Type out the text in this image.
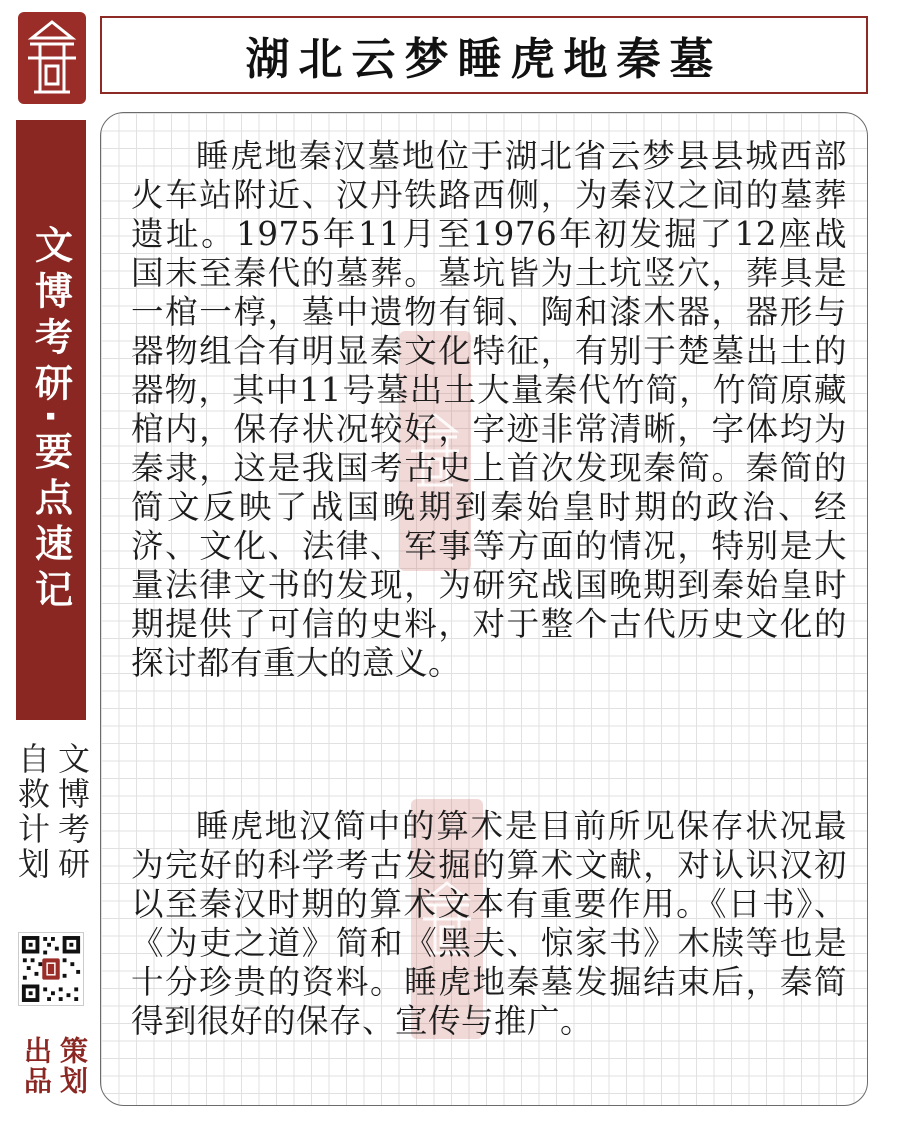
湖北云梦睡虎地秦墓
文博考研·要点速记
文博考研
自救计划
策划
出品

睡虎地秦汉墓地位于湖北省云梦县县城西部火车站附近、汉丹铁路西侧，为秦汉之间的墓葬遗址。1975年11月至1976年初发掘了12座战国末至秦代的墓葬。墓坑皆为土坑竖穴，葬具是一棺一椁，墓中遗物有铜、陶和漆木器，器形与器物组合有明显秦文化特征，有别于楚墓出土的器物，其中11号墓出土大量秦代竹简，竹简原藏棺内，保存状况较好，字迹非常清晰，字体均为秦隶，这是我国考古史上首次发现秦简。秦简的简文反映了战国晚期到秦始皇时期的政治、经济、文化、法律、军事等方面的情况，特别是大量法律文书的发现，为研究战国晚期到秦始皇时期提供了可信的史料，对于整个古代历史文化的探讨都有重大的意义。

睡虎地汉简中的算术是目前所见保存状况最为完好的科学考古发掘的算术文献，对认识汉初以至秦汉时期的算术文本有重要作用。《日书》、《为吏之道》简和《黑夫、惊家书》木牍等也是十分珍贵的资料。睡虎地秦墓发掘结束后，秦简得到很好的保存、宣传与推广。
